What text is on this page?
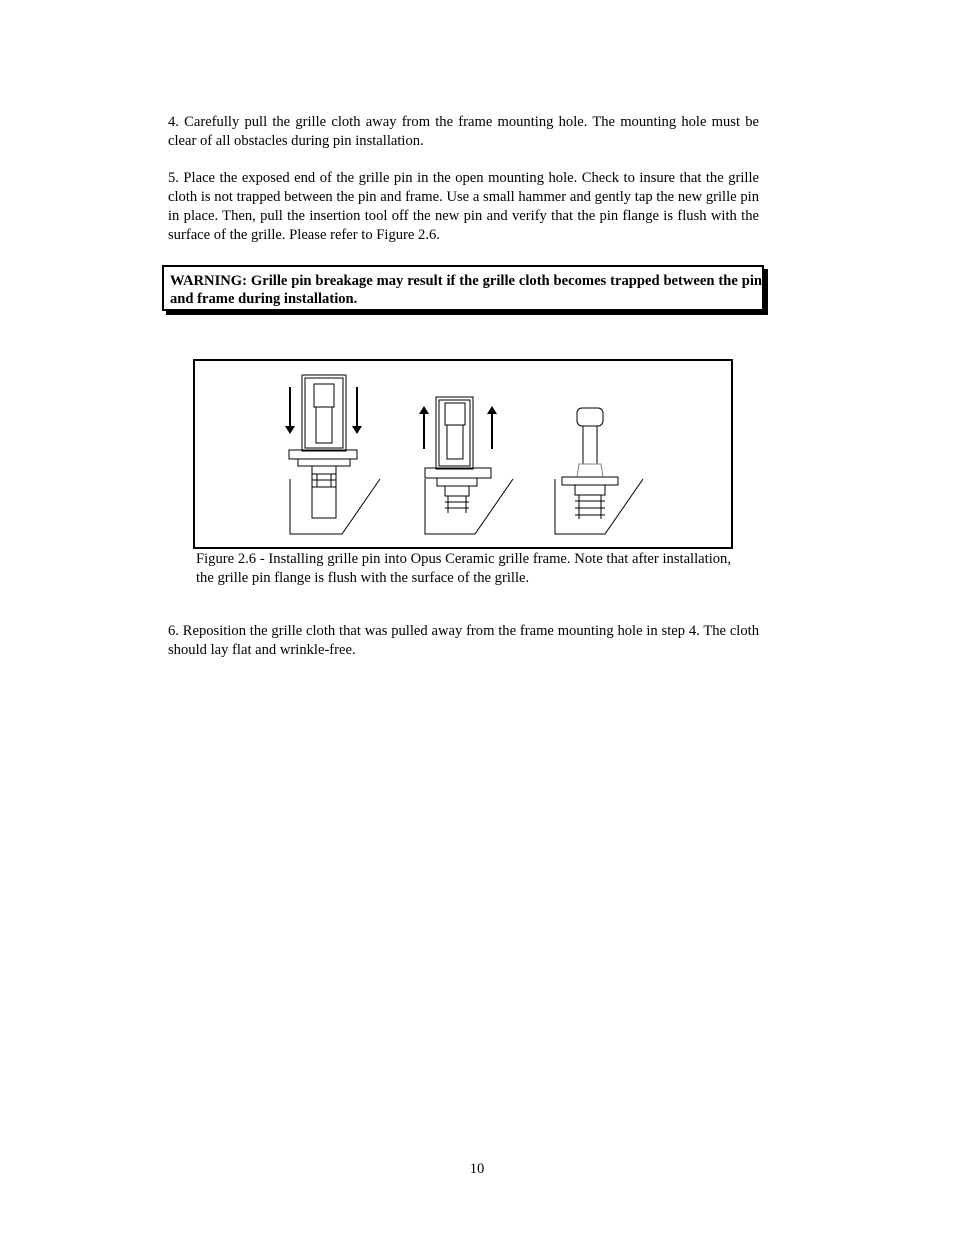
4. Carefully pull the grille cloth away from the frame mounting hole. The mounting hole must be clear of all obstacles during pin installation.

5. Place the exposed end of the grille pin in the open mounting hole. Check to insure that the grille cloth is not trapped between the pin and frame. Use a small hammer and gently tap the new grille pin in place. Then, pull the insertion tool off the new pin and verify that the pin flange is flush with the surface of the grille. Please refer to Figure 2.6.

WARNING: Grille pin breakage may result if the grille cloth becomes trapped between the pin and frame during installation.

Figure 2.6 - Installing grille pin into Opus Ceramic grille frame. Note that after installation, the grille pin flange is flush with the surface of the grille.

6. Reposition the grille cloth that was pulled away from the frame mounting hole in step 4. The cloth should lay flat and wrinkle-free.

10
